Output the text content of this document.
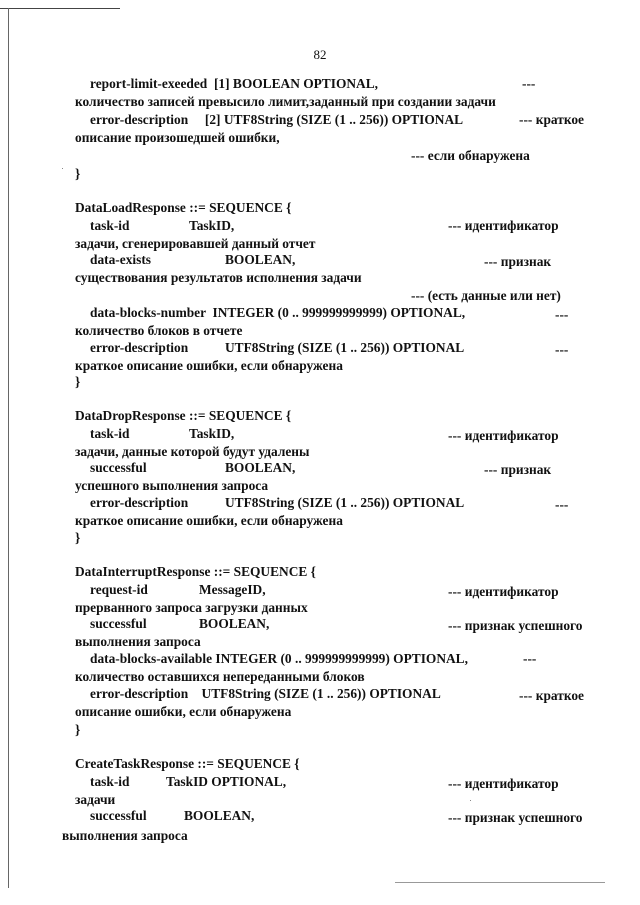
82
report-limit-exeeded  [1] BOOLEAN OPTIONAL,	---
количество записей превысило лимит,заданный при создании задачи
error-description     [2] UTF8String (SIZE (1 .. 256)) OPTIONAL	--- краткое
описание произошедшей ошибки,
--- если обнаружена
}
DataLoadResponse ::= SEQUENCE {
task-id	TaskID,	--- идентификатор
задачи, сгенерировавшей данный отчет
data-exists	BOOLEAN,	--- признак
существования результатов исполнения задачи
--- (есть данные или нет)
data-blocks-number  INTEGER (0 .. 999999999999) OPTIONAL,	---
количество блоков в отчете
error-description	UTF8String (SIZE (1 .. 256)) OPTIONAL	---
краткое описание ошибки, если обнаружена
}
DataDropResponse ::= SEQUENCE {
task-id	TaskID,	--- идентификатор
задачи, данные которой будут удалены
successful	BOOLEAN,	--- признак
успешного выполнения запроса
error-description	UTF8String (SIZE (1 .. 256)) OPTIONAL	---
краткое описание ошибки, если обнаружена
}
DataInterruptResponse ::= SEQUENCE {
request-id	MessageID,	--- идентификатор
прерванного запроса загрузки данных
successful	BOOLEAN,	--- признак успешного
выполнения запроса
data-blocks-available INTEGER (0 .. 999999999999) OPTIONAL,	---
количество оставшихся непереданными блоков
error-description    UTF8String (SIZE (1 .. 256)) OPTIONAL	--- краткое
описание ошибки, если обнаружена
}
CreateTaskResponse ::= SEQUENCE {
task-id           TaskID OPTIONAL,	--- идентификатор
задачи
successful	BOOLEAN,	--- признак успешного
выполнения запроса
